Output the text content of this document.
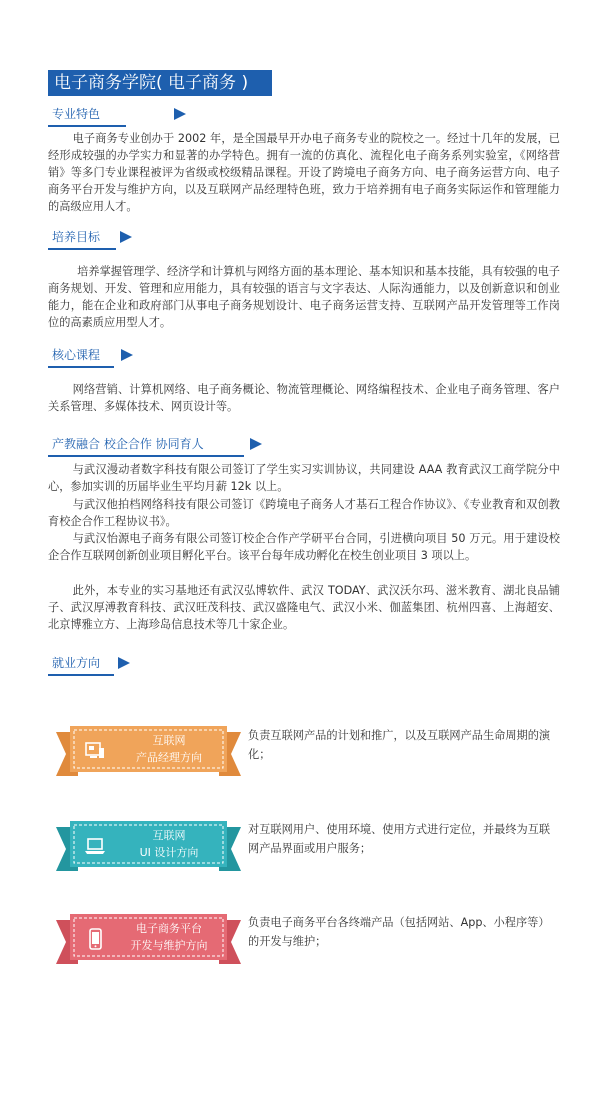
电子商务学院( 电子商务 )
专业特色

电子商务专业创办于 2002 年，是全国最早开办电子商务专业的院校之一。经过十几年的发展，已经形成较强的办学实力和显著的办学特色。拥有一流的仿真化、流程化电子商务系列实验室，《网络营销》等多门专业课程被评为省级或校级精品课程。开设了跨境电子商务方向、电子商务运营方向、电子商务平台开发与维护方向，以及互联网产品经理特色班，致力于培养拥有电子商务实际运作和管理能力的高级应用人才。

培养目标

培养掌握管理学、经济学和计算机与网络方面的基本理论、基本知识和基本技能，具有较强的电子商务规划、开发、管理和应用能力，具有较强的语言与文字表达、人际沟通能力，以及创新意识和创业能力，能在企业和政府部门从事电子商务规划设计、电子商务运营支持、互联网产品开发管理等工作岗位的高素质应用型人才。

核心课程

网络营销、计算机网络、电子商务概论、物流管理概论、网络编程技术、企业电子商务管理、客户关系管理、多媒体技术、网页设计等。

产教融合 校企合作 协同育人

与武汉漫动者数字科技有限公司签订了学生实习实训协议，共同建设 AAA 教育武汉工商学院分中心，参加实训的历届毕业生平均月薪 12k 以上。

与武汉他拍档网络科技有限公司签订《跨境电子商务人才基石工程合作协议》、《专业教育和双创教育校企合作工程协议书》。

与武汉怡源电子商务有限公司签订校企合作产学研平台合同，引进横向项目 50 万元。用于建设校企合作互联网创新创业项目孵化平台。该平台每年成功孵化在校生创业项目 3 项以上。

此外，本专业的实习基地还有武汉弘博软件、武汉 TODAY、武汉沃尔玛、滋米教育、湖北良品铺子、武汉厚溥教育科技、武汉旺茂科技、武汉盛隆电气、武汉小米、伽蓝集团、杭州四喜、上海超安、北京博雅立方、上海珍岛信息技术等几十家企业。

就业方向
互联网
产品经理方向

负责互联网产品的计划和推广，以及互联网产品生命周期的演化；

互联网
UI 设计方向

对互联网用户、使用环境、使用方式进行定位，并最终为互联网产品界面或用户服务；

电子商务平台
开发与维护方向

负责电子商务平台各终端产品（包括网站、App、小程序等）的开发与维护；
